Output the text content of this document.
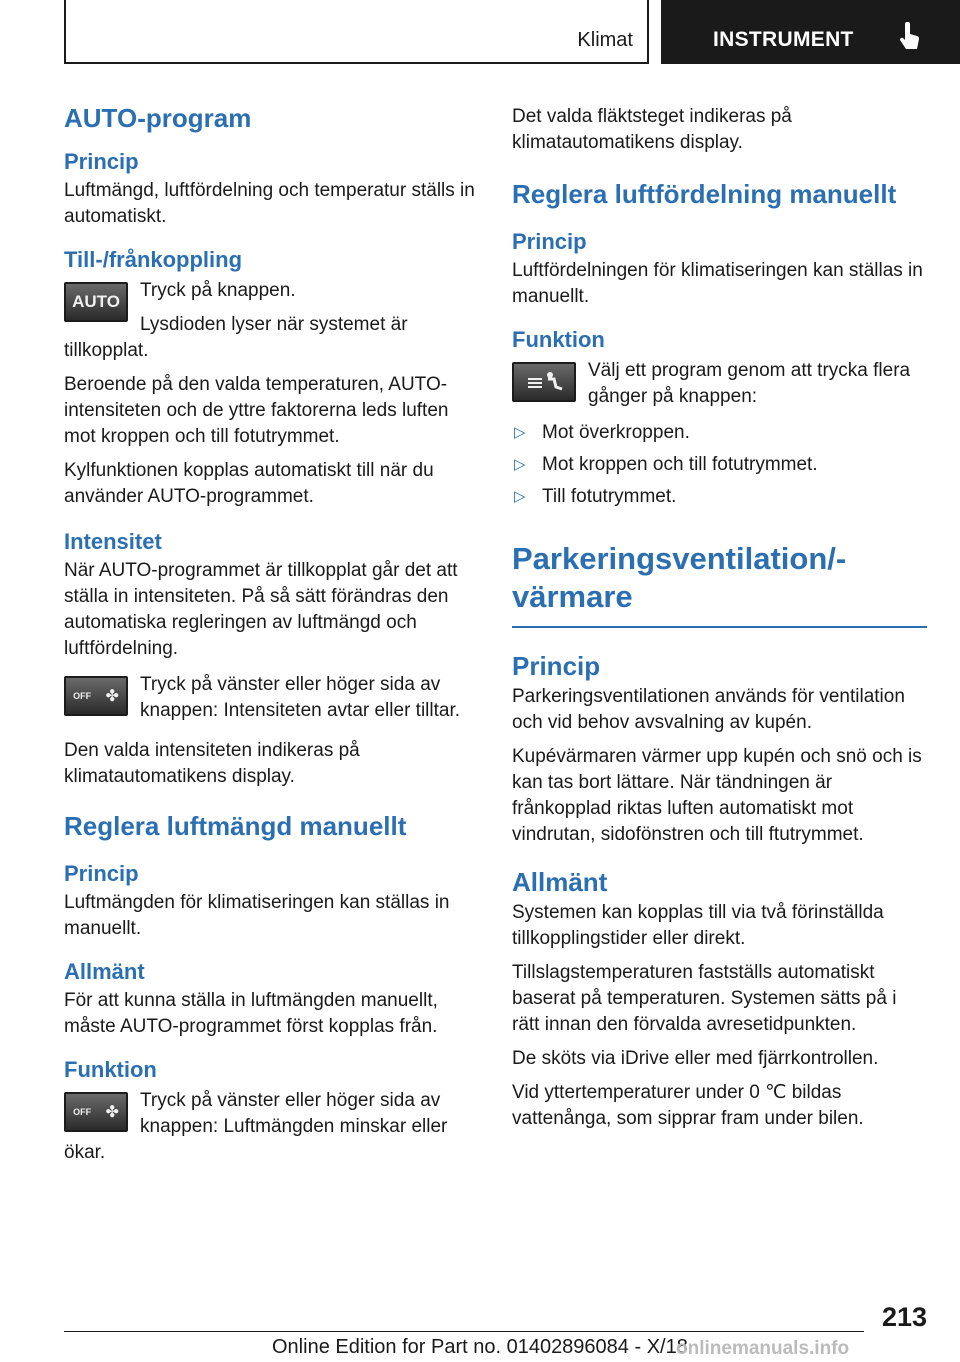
Klimat	INSTRUMENT
AUTO-program
Princip

Luftmängd, luftfördelning och temperatur ställs in automatiskt.

Till-/frånkoppling
AUTO

Tryck på knappen.

Lysdioden lyser när systemet är tillkopplat.

Beroende på den valda temperaturen, AUTO-intensiteten och de yttre faktorerna leds luften mot kroppen och till fotutrymmet.

Kylfunktionen kopplas automatiskt till när du använder AUTO-programmet.

Intensitet

När AUTO-programmet är tillkopplat går det att ställa in intensiteten. På så sätt förändras den automatiska regleringen av luftmängd och luftfördelning.

OFF ✤

Tryck på vänster eller höger sida av knappen: Intensiteten avtar eller tilltar.

Den valda intensiteten indikeras på klimatautomatikens display.

Reglera luftmängd manuellt
Princip

Luftmängden för klimatiseringen kan ställas in manuellt.

Allmänt

För att kunna ställa in luftmängden manuellt, måste AUTO-programmet först kopplas från.

Funktion
OFF ✤

Tryck på vänster eller höger sida av knappen: Luftmängden minskar eller ökar.

Det valda fläktsteget indikeras på klimatautomatikens display.

Reglera luftfördelning manuellt
Princip

Luftfördelningen för klimatiseringen kan ställas in manuellt.

Funktion

Välj ett program genom att trycka flera gånger på knappen:

▷ Mot överkroppen.
▷ Mot kroppen och till fotutrymmet.
▷ Till fotutrymmet.
Parkeringsventilation/-
värmare
Princip

Parkeringsventilationen används för ventilation och vid behov avsvalning av kupén.

Kupévärmaren värmer upp kupén och snö och is kan tas bort lättare. När tändningen är frånkopplad riktas luften automatiskt mot vindrutan, sidofönstren och till ftutrymmet.

Allmänt

Systemen kan kopplas till via två förinställda tillkopplingstider eller direkt.

Tillslagstemperaturen fastställs automatiskt baserat på temperaturen. Systemen sätts på i rätt innan den förvalda avresetidpunkten.

De sköts via iDrive eller med fjärrkontrollen.

Vid yttertemperaturer under 0 ℃ bildas vattenånga, som sipprar fram under bilen.

213
Online Edition for Part no. 01402896084 - X/18
onlinemanuals.info
